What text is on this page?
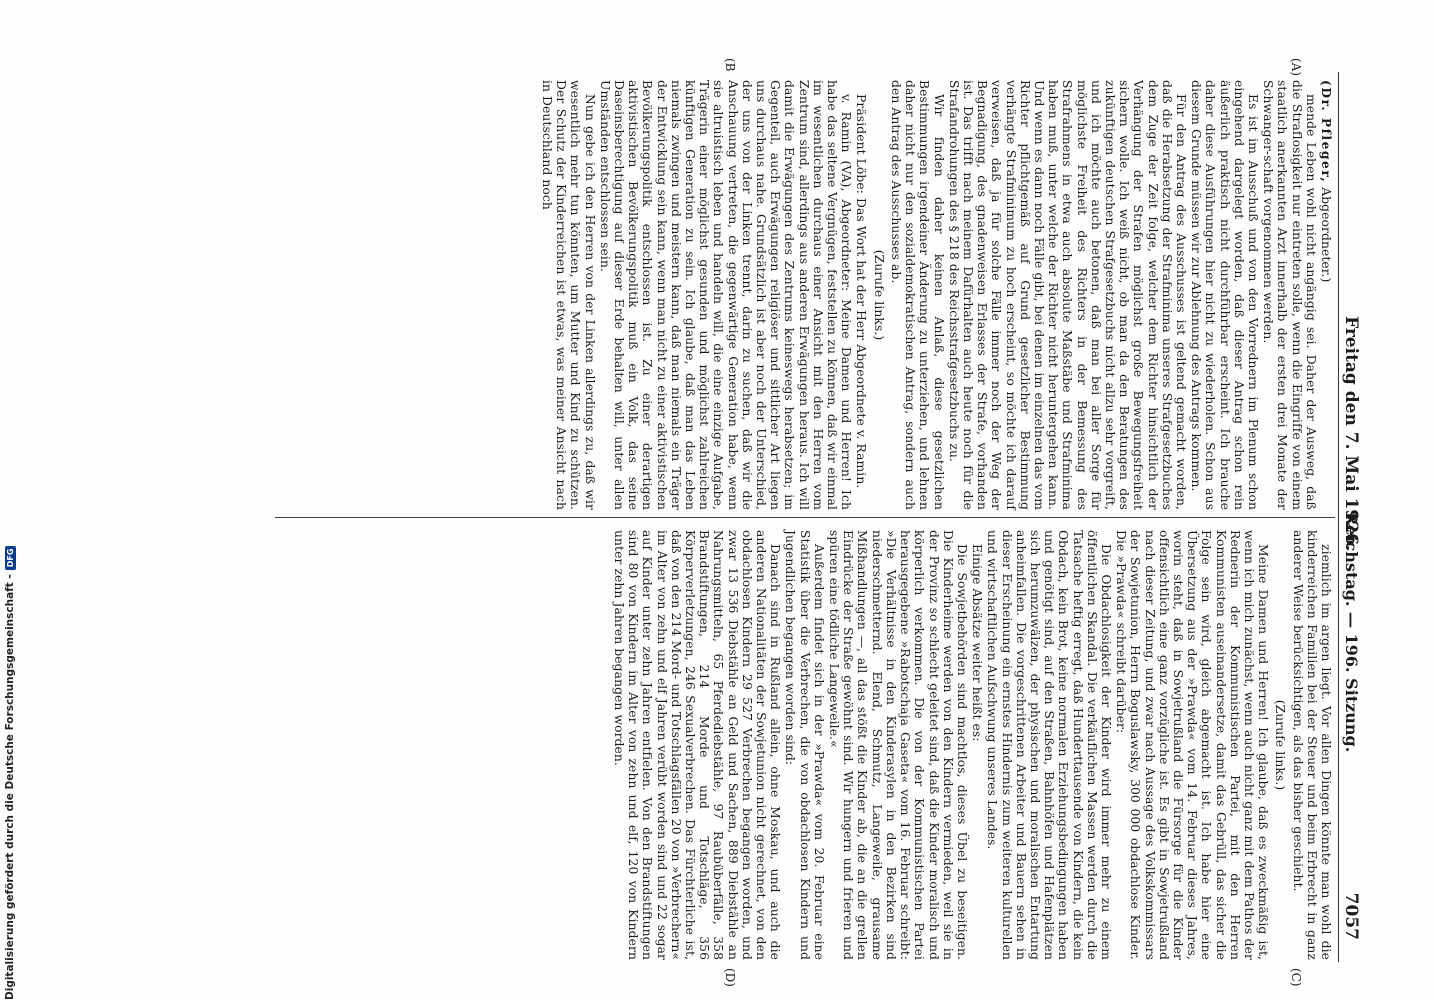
Reichstag. — 196. Sitzung.
Freitag den 7. Mai 1926.  7057
(A)
(B
(C)
(D)

(Dr. Pfleger, Abgeordneter.)

mende Leben wohl nicht angängig sei. Daher der Ausweg, daß die Straflosigkeit nur eintreten solle, wenn die Eingriffe von einem staatlich anerkannten Arzt innerhalb der ersten drei Monate der Schwanger-schaft vorgenommen werden.

Es ist im Ausschuß und von den Vorrednern im Plenum schon eingehend dargelegt worden, daß dieser Antrag schon rein äußerlich praktisch nicht durchführbar erscheint. Ich brauche daher diese Ausführungen hier nicht zu wiederholen. Schon aus diesem Grunde müssen wir zur Ablehnung des Antrags kommen.

Für den Antrag des Ausschusses ist geltend gemacht worden, daß die Herabsetzung der Strafminima unseres Strafgesetzbuches dem Zuge der Zeit folge, welcher dem Richter hinsichtlich der Verhängung der Strafen möglichst große Bewegungsfreiheit sichern wolle. Ich weiß nicht, ob man da den Beratungen des zukünftigen deutschen Strafgesetzbuchs nicht allzu sehr vorgreift, und ich möchte auch betonen, daß man bei aller Sorge für möglichste Freiheit des Richters in der Bemessung des Strafrahmens in etwa auch absolute Maßstäbe und Strafminima haben muß, unter welche der Richter nicht heruntergehen kann. Und wenn es dann noch Fälle gibt, bei denen im einzelnen das vom Richter pflichtgemäß auf Grund gesetzlicher Bestimmung verhängte Strafminimum zu hoch erscheint, so möchte ich darauf verweisen, daß ja für solche Fälle immer noch der Weg der Begnadigung, des gnadenweisen Erlasses der Strafe, vorhanden ist. Das trifft nach meinem Dafürhalten auch heute noch für die Strafandrohungen des § 218 des Reichsstrafgesetzbuchs zu.

Wir finden daher keinen Anlaß, diese gesetzlichen Bestimmungen irgendeiner Änderung zu unterziehen, und lehnen daher nicht nur den sozialdemokratischen Antrag, sondern auch den Antrag des Ausschusses ab.

(Zurufe links.)

Präsident Löbe: Das Wort hat der Herr Abgeordnete v. Ramin.

v. Ramin (VA), Abgeordneter: Meine Damen und Herren! Ich habe das seltene Vergnügen, feststellen zu können, daß wir einmal im wesentlichen durchaus einer Ansicht mit den Herren vom Zentrum sind, allerdings aus anderen Erwägungen heraus. Ich will damit die Erwägungen des Zentrums keineswegs herabsetzen; im Gegenteil, auch Erwägungen religiöser und sittlicher Art liegen uns durchaus nahe. Grundsätzlich ist aber noch der Unterschied, der uns von der Linken trennt, darin zu suchen, daß wir die Anschauung vertreten, die gegenwärtige Generation habe, wenn sie altruistisch leben und handeln will, die eine einzige Aufgabe, Trägerin einer möglichst gesunden und möglichst zahlreichen künftigen Generation zu sein. Ich glaube, daß man das Leben niemals zwingen und meistern kann, daß man niemals ein Träger der Entwicklung sein kann, wenn man nicht zu einer aktivistischen Bevölkerungspolitik entschlossen ist. Zu einer derartigen aktivistischen Bevölkerungspolitik muß ein Volk, das seine Daseinsberechtigung auf dieser Erde behalten will, unter allen Umständen entschlossen sein.

Nun gebe ich den Herren von der Linken allerdings zu, daß wir wesentlich mehr tun könnten, um Mutter und Kind zu schützen. Der Schutz der Kinderreichen ist etwas, was meiner Ansicht nach in Deutschland noch

ziemlich im argen liegt. Vor allen Dingen könnte man wohl die kinderreichen Familien bei der Steuer und beim Erbrecht in ganz anderer Weise berücksichtigen, als das bisher geschieht.

(Zurufe links.)

Meine Damen und Herren! Ich glaube, daß es zweckmäßig ist, wenn ich mich zunächst, wenn auch nicht ganz mit dem Pathos der Rednerin der Kommunistischen Partei, mit den Herren Kommunisten auseinandersetze, damit das Gebrüll, das sicher die Folge sein wird, gleich abgemacht ist. Ich habe hier eine Übersetzung aus der »Prawda« vom 14. Februar dieses Jahres, worin steht, daß in Sowjetrußland die Fürsorge für die Kinder offensichtlich eine ganz vorzügliche ist. Es gibt in Sowjetrußland nach dieser Zeitung, und zwar nach Aussage des Volkskommissars der Sowjetunion, Herrn Boguslawsky, 300 000 obdachlose Kinder. Die »Prawda« schreibt darüber:

Die Obdachlosigkeit der Kinder wird immer mehr zu einem öffentlichen Skandal. Die verkäuflichen Massen werden durch die Tatsache heftig erregt, daß Hunderttausende von Kindern, die kein Obdach, kein Brot, keine normalen Erziehungsbedingungen haben und genötigt sind, auf den Straßen, Bahnhöfen und Hafenplätzen sich herumzuwälzen, der physischen und moralischen Entartung anheimfallen. Die vorgeschrittenen Arbeiter und Bauern sehen in dieser Erscheinung ein ernstes Hindernis zum weiteren kulturellen und wirtschaftlichen Aufschwung unseres Landes.

Einige Absätze weiter heißt es:

Die Sowjetbehörden sind machtlos, dieses Übel zu beseitigen. Die Kinderheime werden von den Kindern vermieden, weil sie in der Provinz so schlecht geleitet sind, daß die Kinder moralisch und körperlich verkommen. Die von der Kommunistischen Partei herausgegebene »Rabotschaja Gaseta« vom 16. Februar schreibt: »Die Verhältnisse in den Kinderasylen in den Bezirken sind niederschmetternd. Elend, Schmutz, Langeweile, grausame Mißhandlungen —, all das stößt die Kinder ab, die an die grellen Eindrücke der Straße gewöhnt sind. Wir hungern und frieren und spüren eine tödliche Langeweile.«

Außerdem findet sich in der »Prawda« vom 20. Februar eine Statistik über die Verbrechen, die von obdachlosen Kindern und Jugendlichen begangen worden sind:

Danach sind in Rußland allein, ohne Moskau, und auch die anderen Nationalitäten der Sowjetunion nicht gerechnet, von den obdachlosen Kindern 29 527 Verbrechen begangen worden, und zwar 13 536 Diebstähle an Geld und Sachen, 889 Diebstähle an Nahrungsmitteln, 65 Pferdediebstähle, 97 Raubüberfälle, 358 Brandstiftungen, 214 Morde und Totschläge, 356 Körperverletzungen, 246 Sexualverbrechen. Das Fürchterliche ist, daß von den 214 Mord- und Totschlagsfällen 20 von »Verbrechern« im Alter von zehn und elf Jahren verübt worden sind und 22 sogar auf Kinder unter zehn Jahren entfielen. Von den Brandstiftungen sind 80 von Kindern im Alter von zehn und elf, 120 von Kindern unter zehn Jahren begangen worden.

Digitalisierung gefördert durch die Deutsche Forschungsgemeinschaft -
DFG
